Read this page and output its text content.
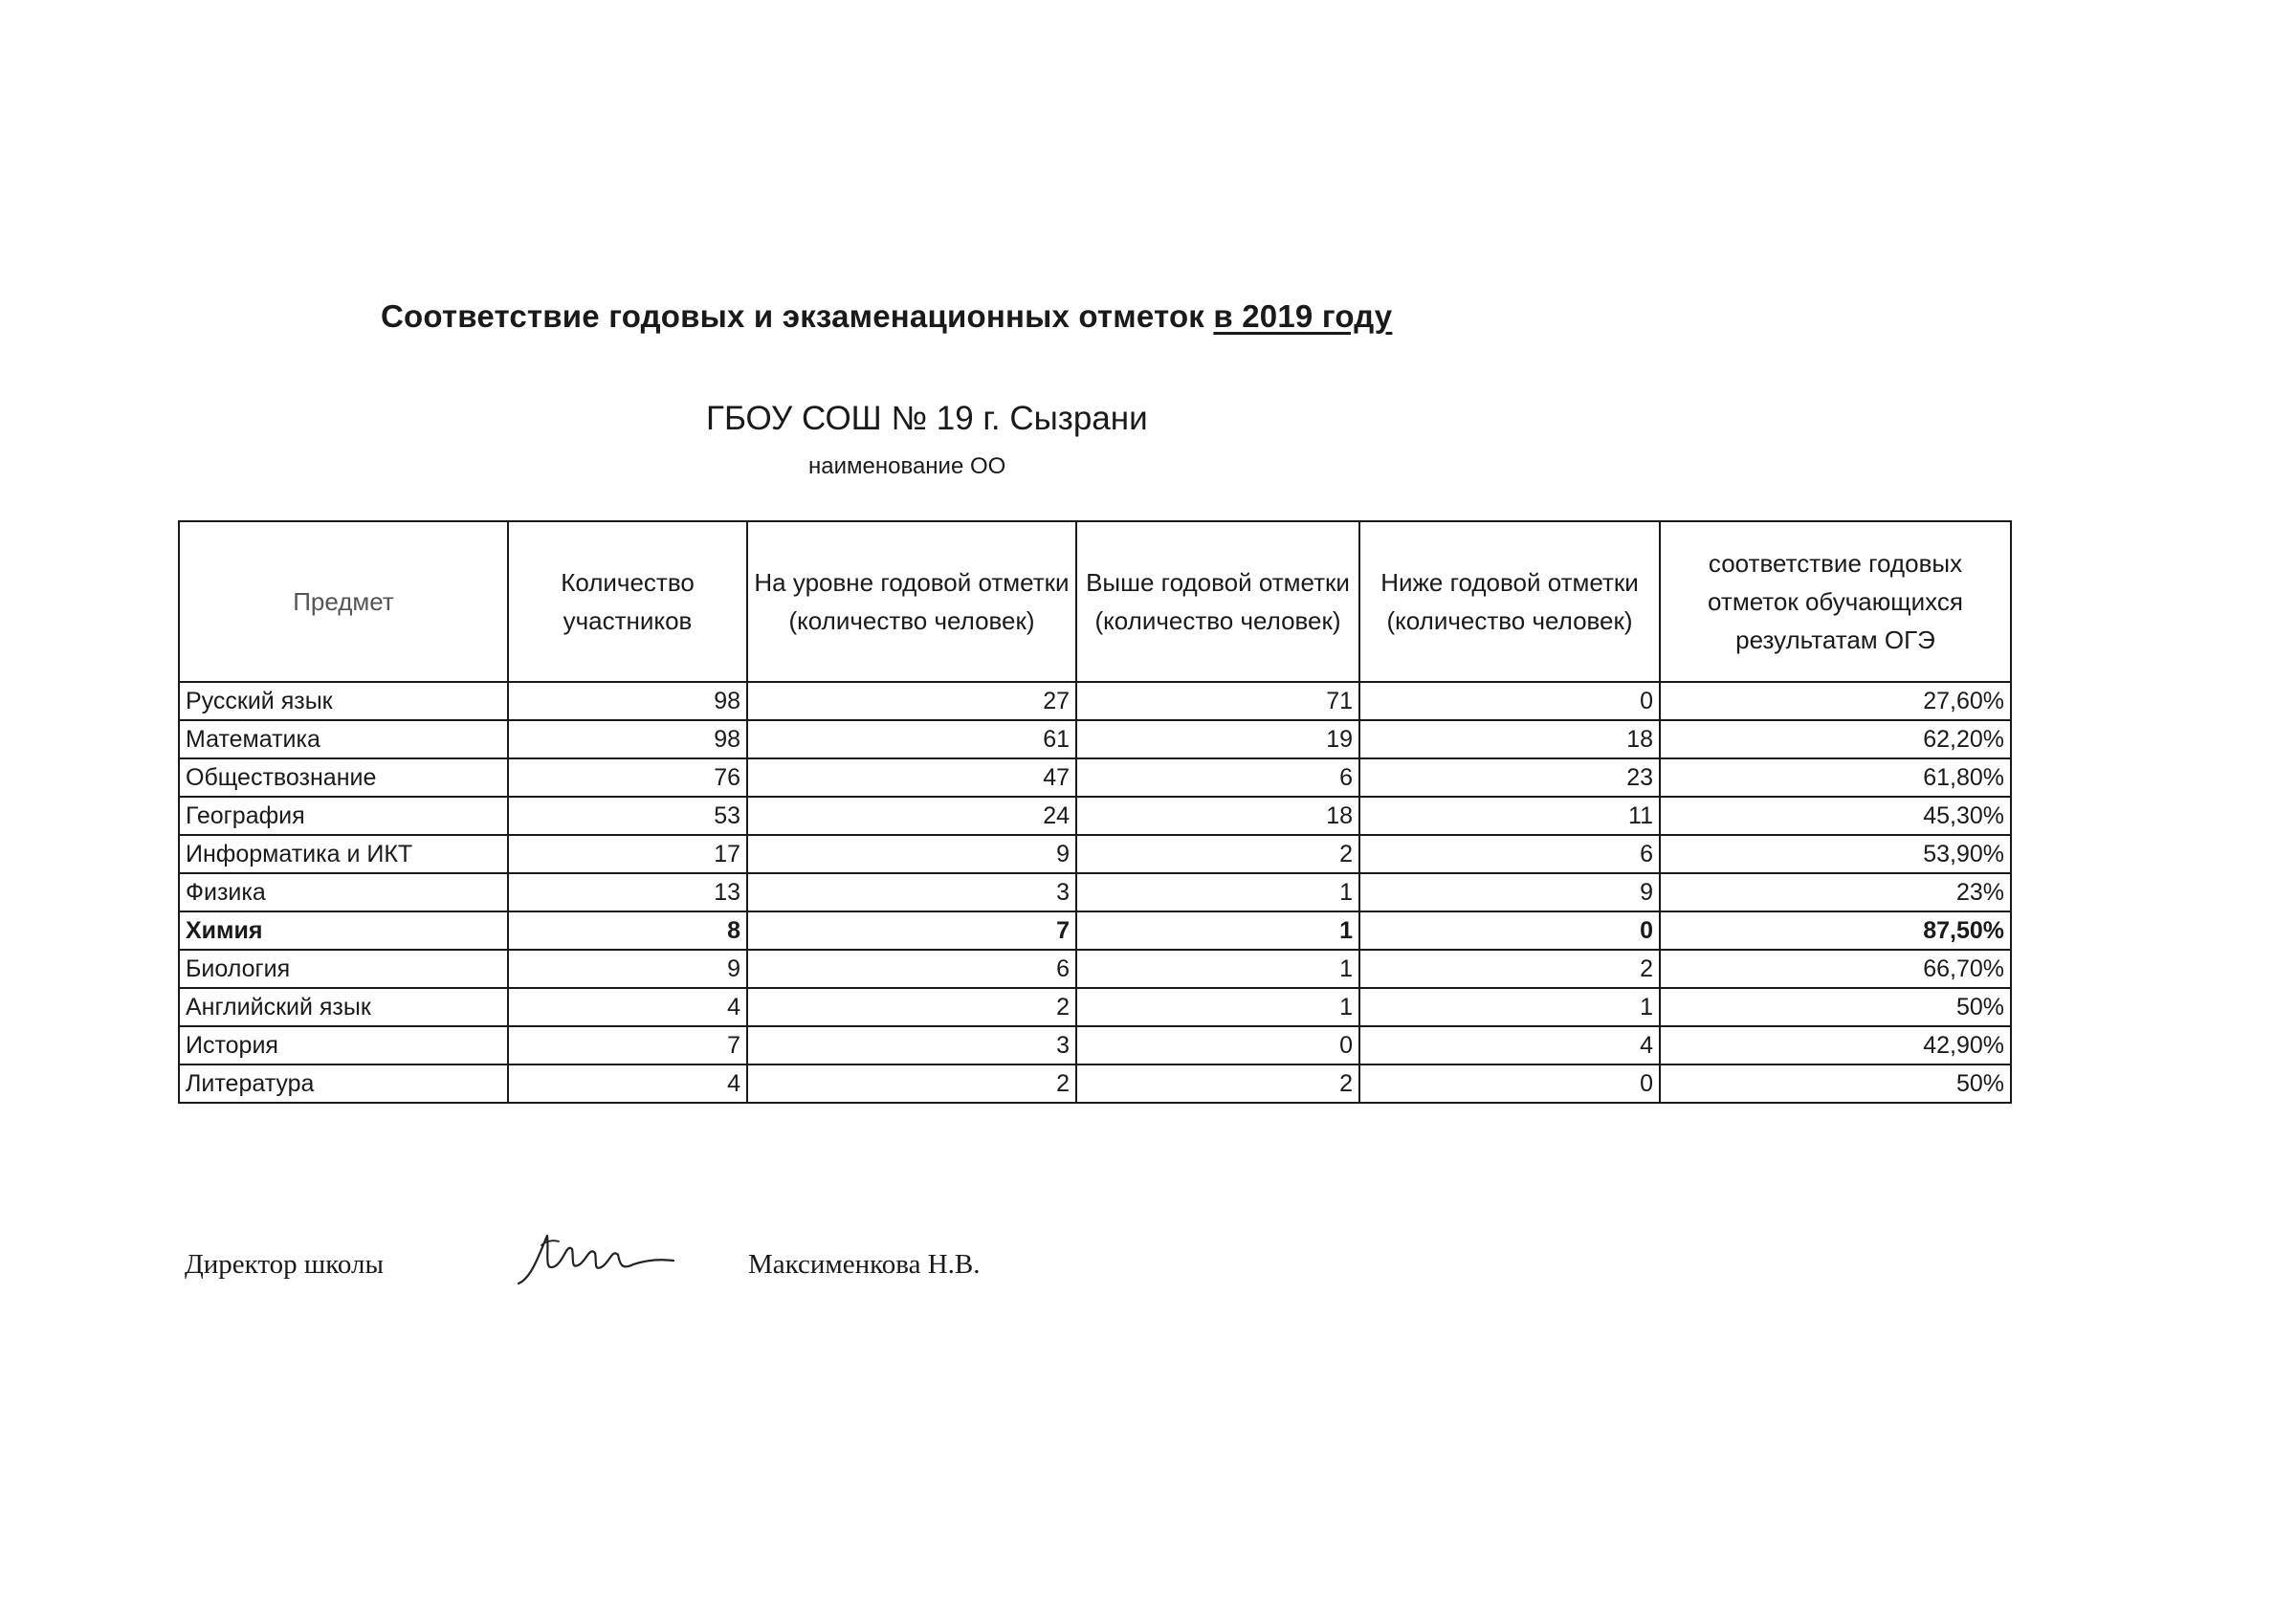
Соответствие годовых и экзаменационных отметок в 2019 году
ГБОУ СОШ № 19 г. Сызрани
наименование ОО
Предмет	Количество участников	На уровне годовой отметки (количество человек)	Выше годовой отметки (количество человек)	Ниже годовой отметки (количество человек)	соответствие годовых отметок обучающихся результатам ОГЭ
Русский язык	98	27	71	0	27,60%
Математика	98	61	19	18	62,20%
Обществознание	76	47	6	23	61,80%
География	53	24	18	11	45,30%
Информатика и ИКТ	17	9	2	6	53,90%
Физика	13	3	1	9	23%
Химия	8	7	1	0	87,50%
Биология	9	6	1	2	66,70%
Английский язык	4	2	1	1	50%
История	7	3	0	4	42,90%
Литература	4	2	2	0	50%
Директор школы	Максименкова Н.В.
